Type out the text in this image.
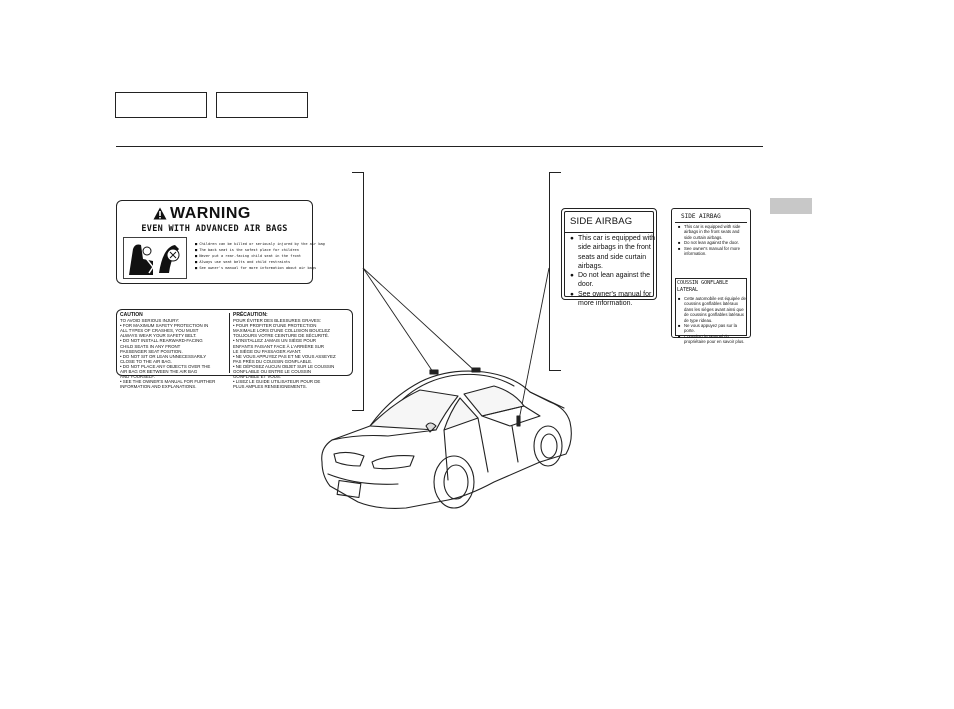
WARNING
EVEN WITH ADVANCED AIR BAGS
■ Children can be killed or seriously injured by the air bag
■ The back seat is the safest place for children
■ Never put a rear-facing child seat in the front
■ Always use seat belts and child restraints
■ See owner's manual for more information about air bags
CAUTION
TO AVOID SERIOUS INJURY:
• FOR MAXIMUM SAFETY PROTECTION IN
ALL TYPES OF CRASHES, YOU MUST
ALWAYS WEAR YOUR SAFETY BELT.
• DO NOT INSTALL REARWARD-FACING
CHILD SEATS IN ANY FRONT
PASSENGER SEAT POSITION.
• DO NOT SIT OR LEAN UNNECESSARILY
CLOSE TO THE AIR BAG.
• DO NOT PLACE ANY OBJECTS OVER THE
AIR BAG OR BETWEEN THE AIR BAG
AND YOURSELF.
• SEE THE OWNER'S MANUAL FOR FURTHER
INFORMATION AND EXPLANATIONS.
PRÉCAUTION:
POUR ÉVITER DES BLESSURES GRAVES:
• POUR PROFITER D'UNE PROTECTION
MAXIMALE LORS D'UNE COLLISION BOUCLEZ
TOUJOURS VOTRE CEINTURE DE SÉCURITÉ.
• N'INSTALLEZ JAMAIS UN SIÈGE POUR
ENFANTS FAISANT FACE À L'ARRIÈRE SUR
LE SIÈGE DU PASSAGER AVANT.
• NE VOUS APPUYEZ PAS ET NE VOUS ASSEYEZ
PAS PRÈS DU COUSSIN GONFLABLE.
• NE DÉPOSEZ AUCUN OBJET SUR LE COUSSIN
GONFLABLE OU ENTRE LE COUSSIN
GONFLABLE ET VOUS.
• LISEZ LE GUIDE UTILISATEUR POUR DE
PLUS AMPLES RENSEIGNEMENTS.
SIDE AIRBAG
● This car is equipped with side airbags in the front seats and side curtain airbags.
● Do not lean against the door.
● See owner's manual for more information.
SIDE AIRBAG
■ This car is equipped with side airbags in the front seats and side curtain airbags.
■ Do not lean against the door.
■ See owner's manual for more information.
COUSSIN GONFLABLE LATERAL
■ Cette automobile est équipée de coussins gonflables latéraux dans les sièges avant ainsi que de coussins gonflables latéraux de type rideau.
■ Ne vous appuyez pas sur la porte.
■ Consultez le Manuel du propriétaire pour en savoir plus.
